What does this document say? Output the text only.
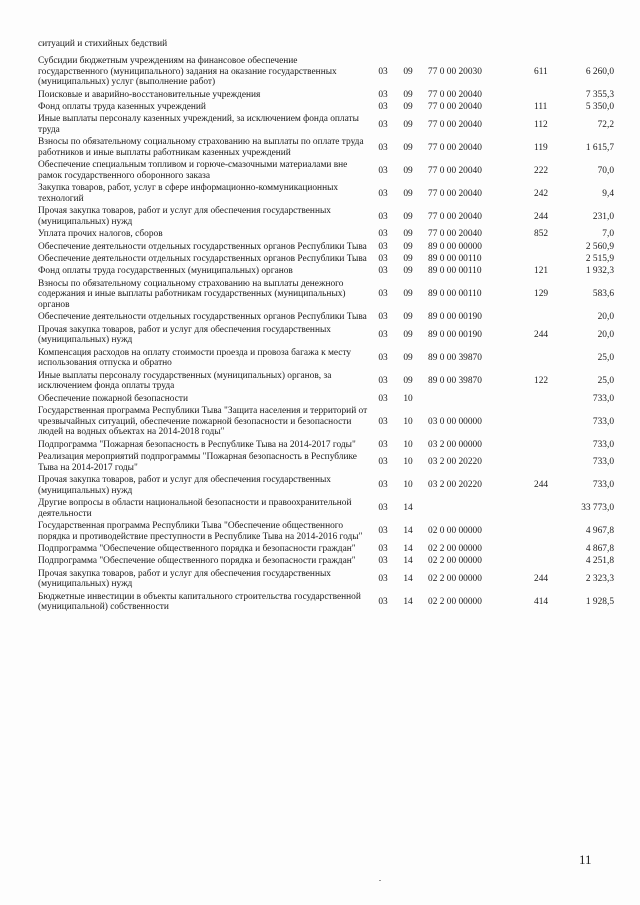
ситуаций и стихийных бедствий
Субсидии бюджетным учреждениям на финансовое обеспечение государственного (муниципального) задания на оказание государственных (муниципальных) услуг (выполнение работ)	03	09	77 0 00 20030	611	6 260,0
Поисковые и аварийно-восстановительные учреждения	03	09	77 0 00 20040		7 355,3
Фонд оплаты труда казенных учреждений	03	09	77 0 00 20040	111	5 350,0
Иные выплаты персоналу казенных учреждений, за исключением фонда оплаты труда	03	09	77 0 00 20040	112	72,2
Взносы по обязательному социальному страхованию на выплаты по оплате труда работников и иные выплаты работникам казенных учреждений	03	09	77 0 00 20040	119	1 615,7
Обеспечение специальным топливом и горюче-смазочными материалами вне рамок государственного оборонного заказа	03	09	77 0 00 20040	222	70,0
Закупка товаров, работ, услуг в сфере информационно-коммуникационных технологий	03	09	77 0 00 20040	242	9,4
Прочая закупка товаров, работ и услуг для обеспечения государственных (муниципальных) нужд	03	09	77 0 00 20040	244	231,0
Уплата прочих налогов, сборов	03	09	77 0 00 20040	852	7,0
Обеспечение деятельности отдельных государственных органов Республики Тыва	03	09	89 0 00 00000		2 560,9
Обеспечение деятельности отдельных государственных органов Республики Тыва	03	09	89 0 00 00110		2 515,9
Фонд оплаты труда государственных (муниципальных) органов	03	09	89 0 00 00110	121	1 932,3
Взносы по обязательному социальному страхованию на выплаты денежного содержания и иные выплаты работникам государственных (муниципальных) органов	03	09	89 0 00 00110	129	583,6
Обеспечение деятельности отдельных государственных органов Республики Тыва	03	09	89 0 00 00190		20,0
Прочая закупка товаров, работ и услуг для обеспечения государственных (муниципальных) нужд	03	09	89 0 00 00190	244	20,0
Компенсация расходов на оплату стоимости проезда и провоза багажа к месту использования отпуска и обратно	03	09	89 0 00 39870		25,0
Иные выплаты персоналу государственных (муниципальных) органов, за исключением фонда оплаты труда	03	09	89 0 00 39870	122	25,0
Обеспечение пожарной безопасности	03	10			733,0
Государственная программа Республики Тыва "Защита населения и территорий от чрезвычайных ситуаций, обеспечение пожарной безопасности и безопасности людей на водных объектах на 2014-2018 годы"	03	10	03 0 00 00000		733,0
Подпрограмма "Пожарная безопасность в Республике Тыва на 2014-2017 годы"	03	10	03 2 00 00000		733,0
Реализация мероприятий подпрограммы "Пожарная безопасность в Республике Тыва на 2014-2017 годы"	03	10	03 2 00 20220		733,0
Прочая закупка товаров, работ и услуг для обеспечения государственных (муниципальных) нужд	03	10	03 2 00 20220	244	733,0
Другие вопросы в области национальной безопасности и правоохранительной деятельности	03	14			33 773,0
Государственная программа Республики Тыва "Обеспечение общественного порядка и противодействие преступности в Республике Тыва на 2014-2016 годы"	03	14	02 0 00 00000		4 967,8
Подпрограмма "Обеспечение общественного порядка и безопасности граждан"	03	14	02 2 00 00000		4 867,8
Подпрограмма "Обеспечение общественного порядка и безопасности граждан"	03	14	02 2 00 00000		4 251,8
Прочая закупка товаров, работ и услуг для обеспечения государственных (муниципальных) нужд	03	14	02 2 00 00000	244	2 323,3
Бюджетные инвестиции в объекты капитального строительства государственной (муниципальной) собственности	03	14	02 2 00 00000	414	1 928,5
11
